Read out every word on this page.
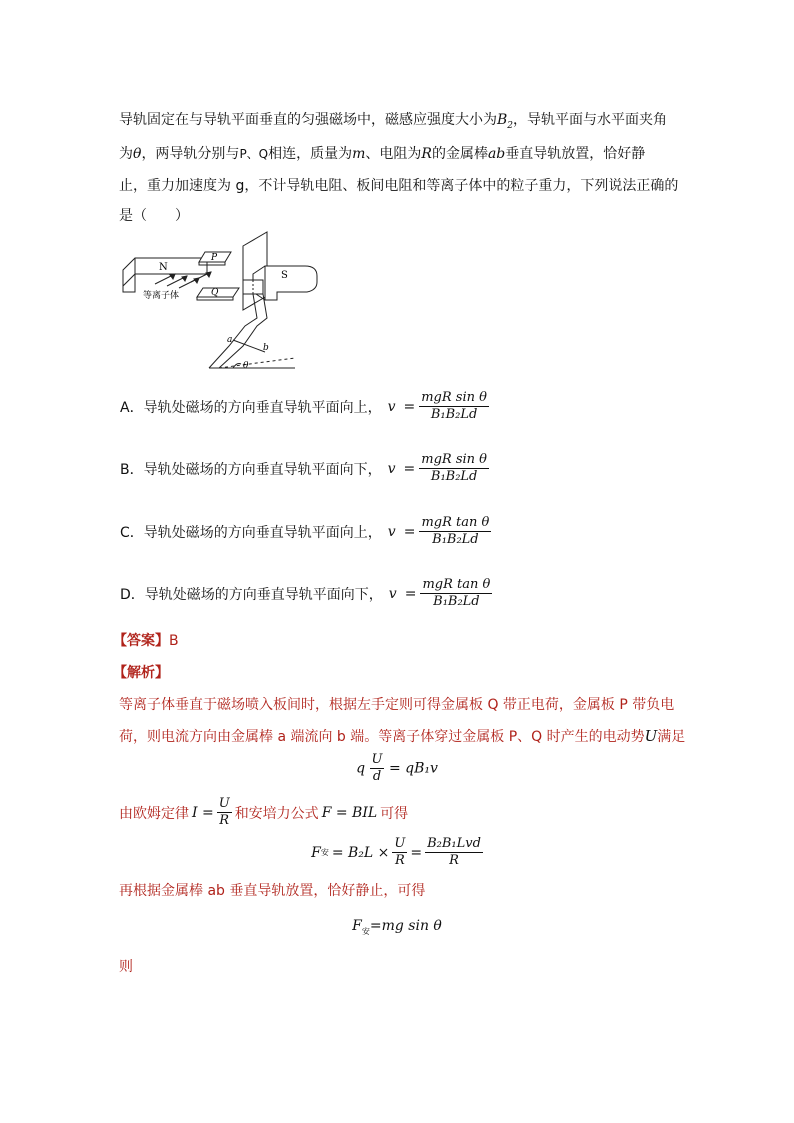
导轨固定在与导轨平面垂直的匀强磁场中，磁感应强度大小为$B_2$，导轨平面与水平面夹角
为θ，两导轨分别与P、Q相连，质量为m、电阻为R的金属棒ab垂直导轨放置，恰好静
止，重力加速度为 g，不计导轨电阻、板间电阻和等离子体中的粒子重力，下列说法正确的
是（　　）
N
S
P
Q
等离子体
a
b
θ
A．导轨处磁场的方向垂直导轨平面向上， $v = \frac{\text{mgR sin θ}}{\text{B₁B₂Ld}}$
B．导轨处磁场的方向垂直导轨平面向下， $v = \frac{\text{mgR sin θ}}{\text{B₁B₂Ld}}$
C．导轨处磁场的方向垂直导轨平面向上， $v = \frac{\text{mgR tan θ}}{\text{B₁B₂Ld}}$
D．导轨处磁场的方向垂直导轨平面向下， $v = \frac{\text{mgR tan θ}}{\text{B₁B₂Ld}}$
【答案】B
【解析】
等离子体垂直于磁场喷入板间时，根据左手定则可得金属板 Q 带正电荷，金属板 P 带负电
荷，则电流方向由金属棒 a 端流向 b 端。等离子体穿过金属板 P、Q 时产生的电动势U满足
q $\frac{U}{d} = qB_1v$
由欧姆定律 $I = \frac{U}{R}$ 和安培力公式 F = BIL 可得
F 安 = $B_2L \times \frac{U}{R} = \frac{\text{B₂B₁Lvd}}{R}$
再根据金属棒 ab 垂直导轨放置，恰好静止，可得
$F_安=mg$ sin θ
则
